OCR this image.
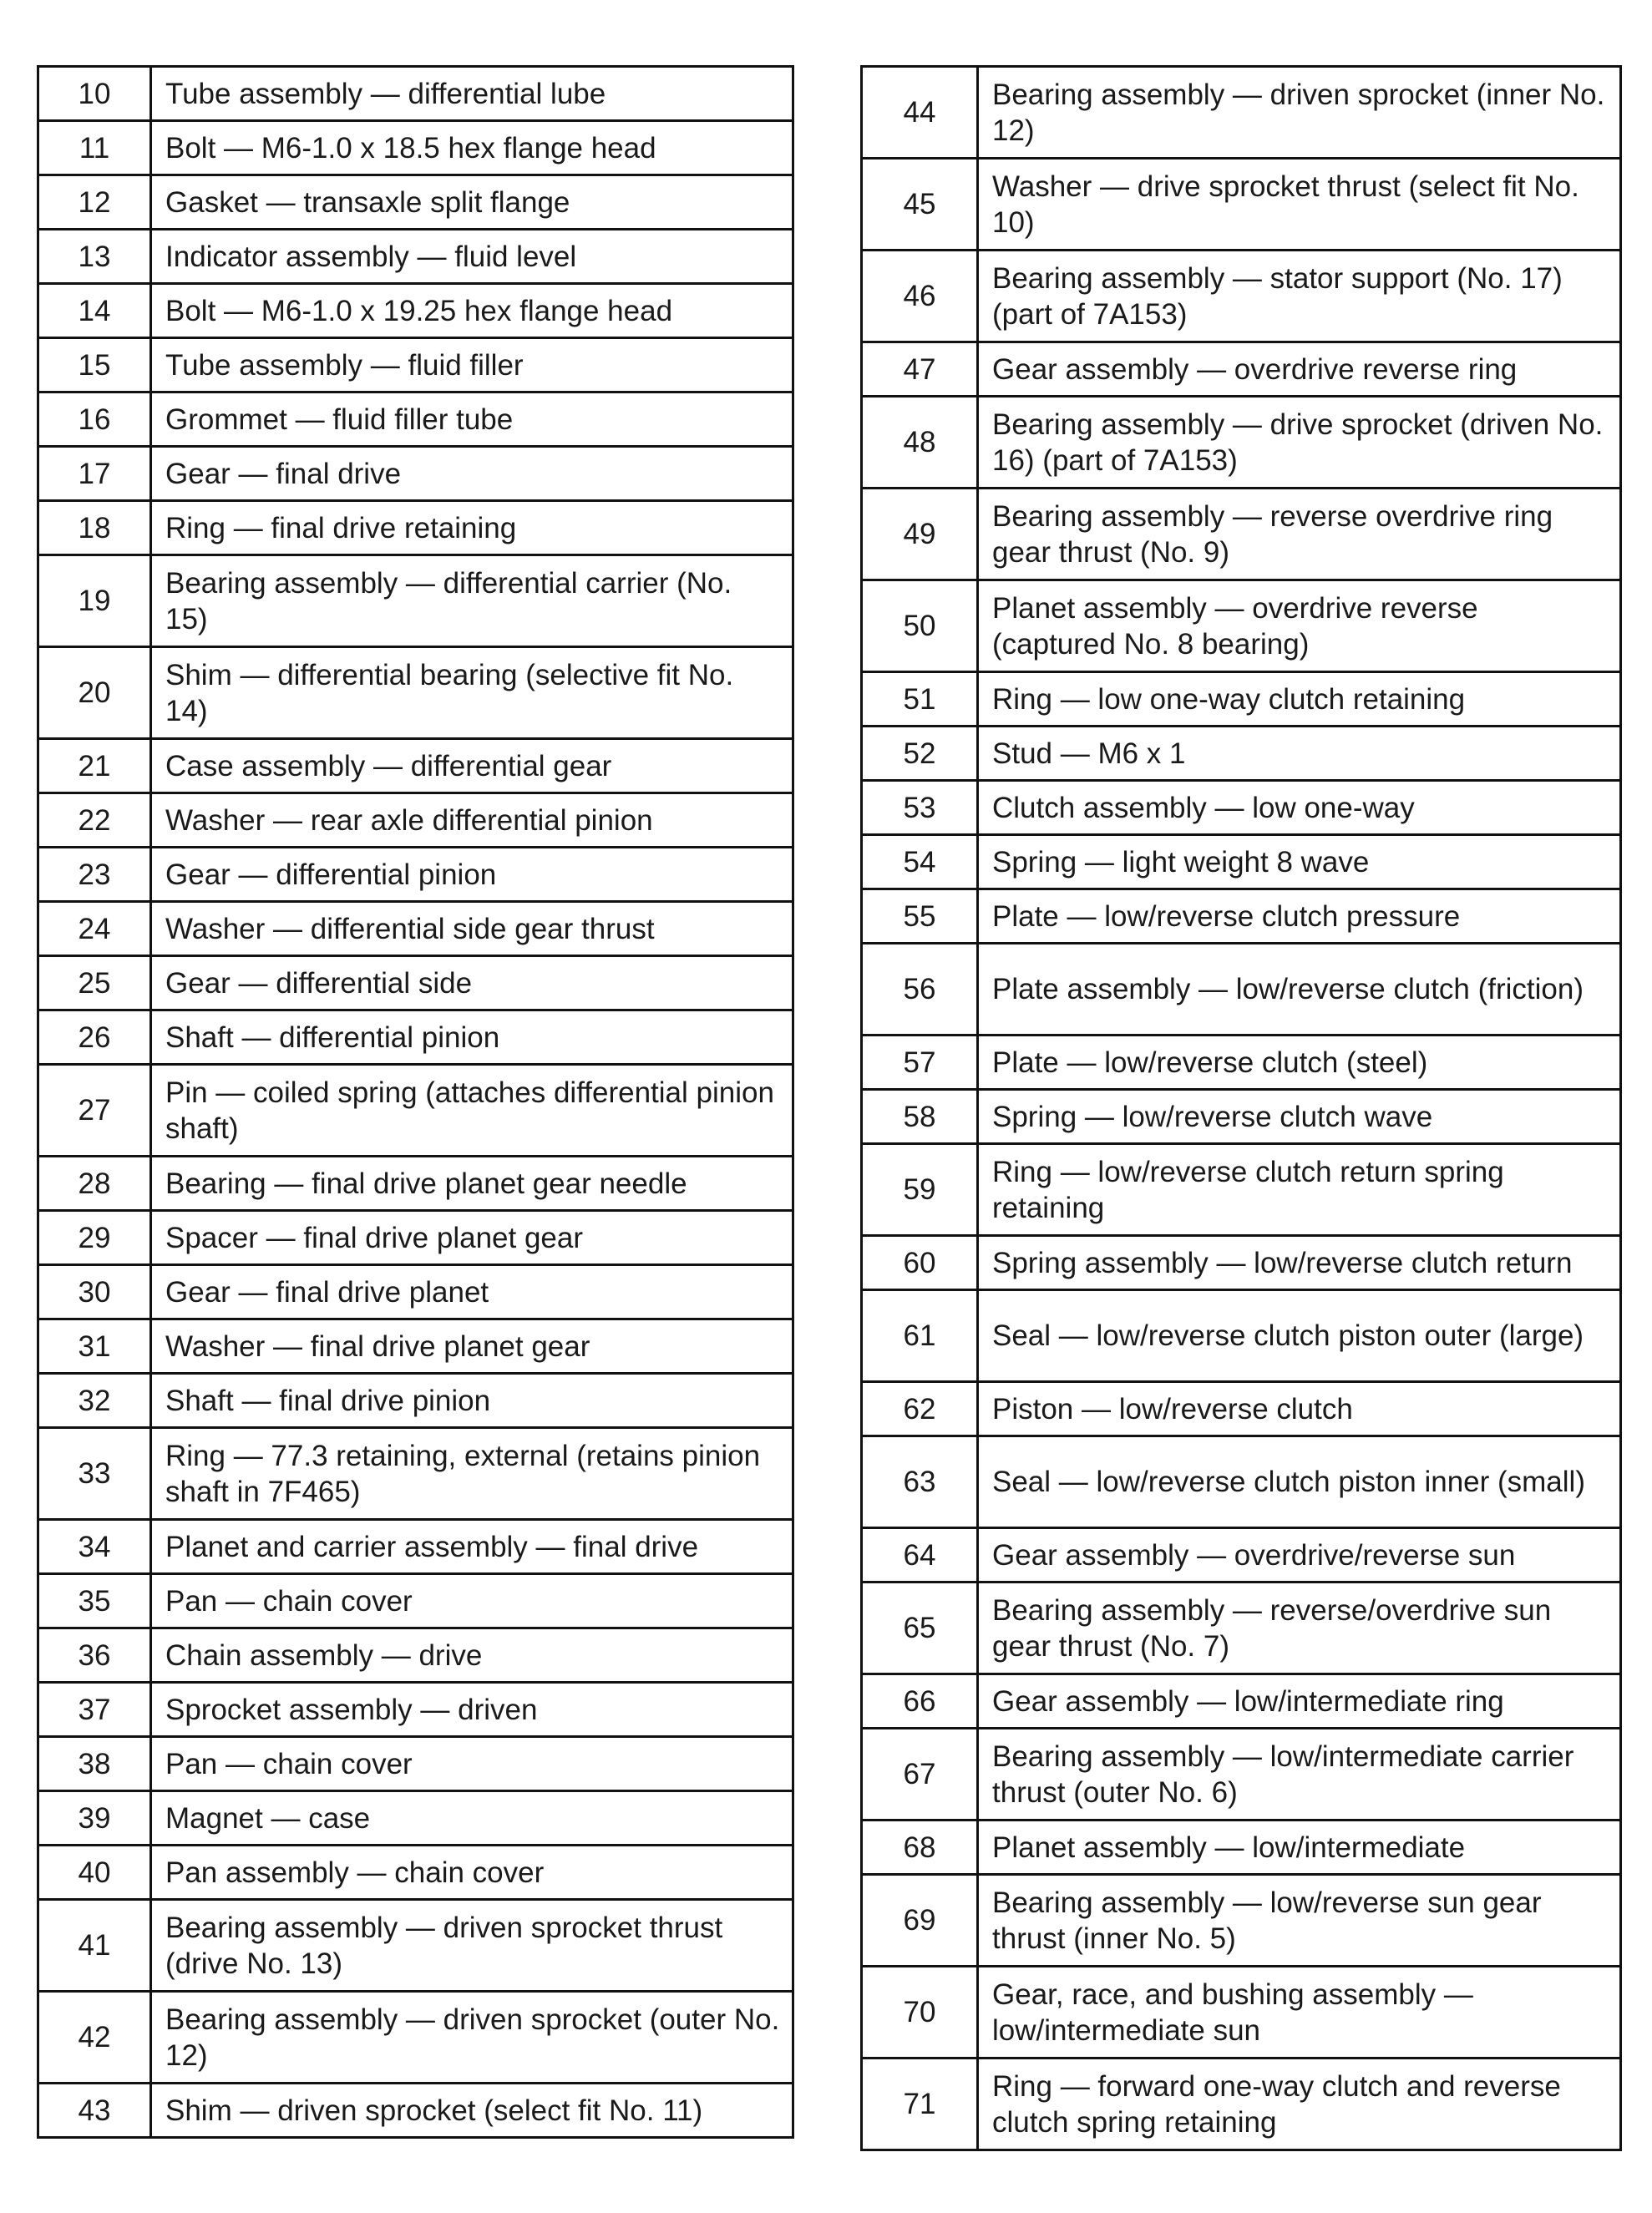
10	Tube assembly — differential lube
11	Bolt — M6-1.0 x 18.5 hex flange head
12	Gasket — transaxle split flange
13	Indicator assembly — fluid level
14	Bolt — M6-1.0 x 19.25 hex flange head
15	Tube assembly — fluid filler
16	Grommet — fluid filler tube
17	Gear — final drive
18	Ring — final drive retaining
19	Bearing assembly — differential carrier (No. 15)
20	Shim — differential bearing (selective fit No. 14)
21	Case assembly — differential gear
22	Washer — rear axle differential pinion
23	Gear — differential pinion
24	Washer — differential side gear thrust
25	Gear — differential side
26	Shaft — differential pinion
27	Pin — coiled spring (attaches differential pinion shaft)
28	Bearing — final drive planet gear needle
29	Spacer — final drive planet gear
30	Gear — final drive planet
31	Washer — final drive planet gear
32	Shaft — final drive pinion
33	Ring — 77.3 retaining, external (retains pinion shaft in 7F465)
34	Planet and carrier assembly — final drive
35	Pan — chain cover
36	Chain assembly — drive
37	Sprocket assembly — driven
38	Pan — chain cover
39	Magnet — case
40	Pan assembly — chain cover
41	Bearing assembly — driven sprocket thrust (drive No. 13)
42	Bearing assembly — driven sprocket (outer No. 12)
43	Shim — driven sprocket (select fit No. 11)
44	Bearing assembly — driven sprocket (inner No. 12)
45	Washer — drive sprocket thrust (select fit No. 10)
46	Bearing assembly — stator support (No. 17) (part of 7A153)
47	Gear assembly — overdrive reverse ring
48	Bearing assembly — drive sprocket (driven No. 16) (part of 7A153)
49	Bearing assembly — reverse overdrive ring gear thrust (No. 9)
50	Planet assembly — overdrive reverse (captured No. 8 bearing)
51	Ring — low one-way clutch retaining
52	Stud — M6 x 1
53	Clutch assembly — low one-way
54	Spring — light weight 8 wave
55	Plate — low/reverse clutch pressure
56	Plate assembly — low/reverse clutch (friction)
57	Plate — low/reverse clutch (steel)
58	Spring — low/reverse clutch wave
59	Ring — low/reverse clutch return spring retaining
60	Spring assembly — low/reverse clutch return
61	Seal — low/reverse clutch piston outer (large)
62	Piston — low/reverse clutch
63	Seal — low/reverse clutch piston inner (small)
64	Gear assembly — overdrive/reverse sun
65	Bearing assembly — reverse/overdrive sun gear thrust (No. 7)
66	Gear assembly — low/intermediate ring
67	Bearing assembly — low/intermediate carrier thrust (outer No. 6)
68	Planet assembly — low/intermediate
69	Bearing assembly — low/reverse sun gear thrust (inner No. 5)
70	Gear, race, and bushing assembly — low/intermediate sun
71	Ring — forward one-way clutch and reverse clutch spring retaining
